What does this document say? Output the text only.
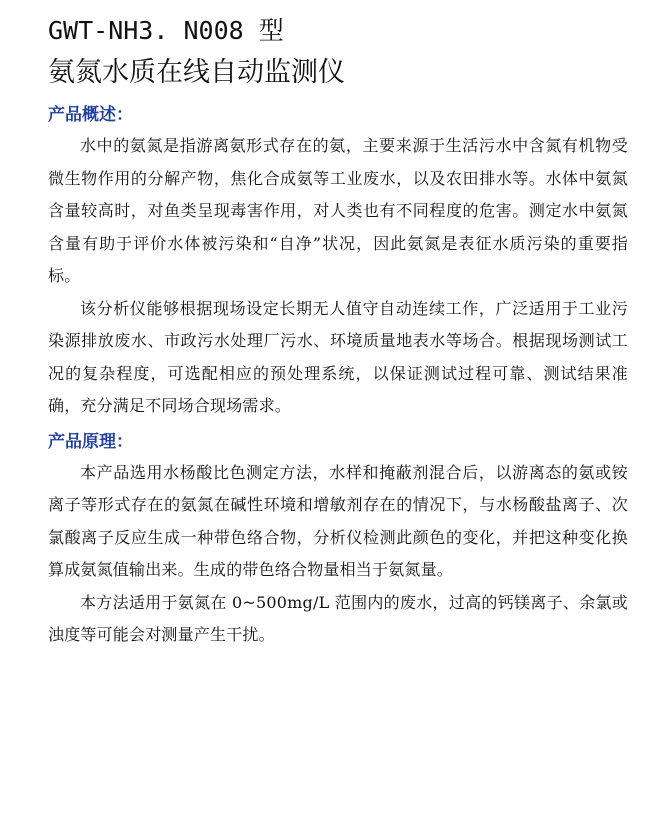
GWT-NH3. N008 型
氨氮水质在线自动监测仪
产品概述：

水中的氨氮是指游离氨形式存在的氨，主要来源于生活污水中含氮有机物受微生物作用的分解产物，焦化合成氨等工业废水，以及农田排水等。水体中氨氮含量较高时，对鱼类呈现毒害作用，对人类也有不同程度的危害。测定水中氨氮含量有助于评价水体被污染和“自净”状况，因此氨氮是表征水质污染的重要指标。

该分析仪能够根据现场设定长期无人值守自动连续工作，广泛适用于工业污染源排放废水、市政污水处理厂污水、环境质量地表水等场合。根据现场测试工况的复杂程度，可选配相应的预处理系统，以保证测试过程可靠、测试结果准确，充分满足不同场合现场需求。

产品原理：

本产品选用水杨酸比色测定方法，水样和掩蔽剂混合后，以游离态的氨或铵离子等形式存在的氨氮在碱性环境和增敏剂存在的情况下，与水杨酸盐离子、次氯酸离子反应生成一种带色络合物，分析仪检测此颜色的变化，并把这种变化换算成氨氮值输出来。生成的带色络合物量相当于氨氮量。

本方法适用于氨氮在 0~500mg/L 范围内的废水，过高的钙镁离子、余氯或浊度等可能会对测量产生干扰。
